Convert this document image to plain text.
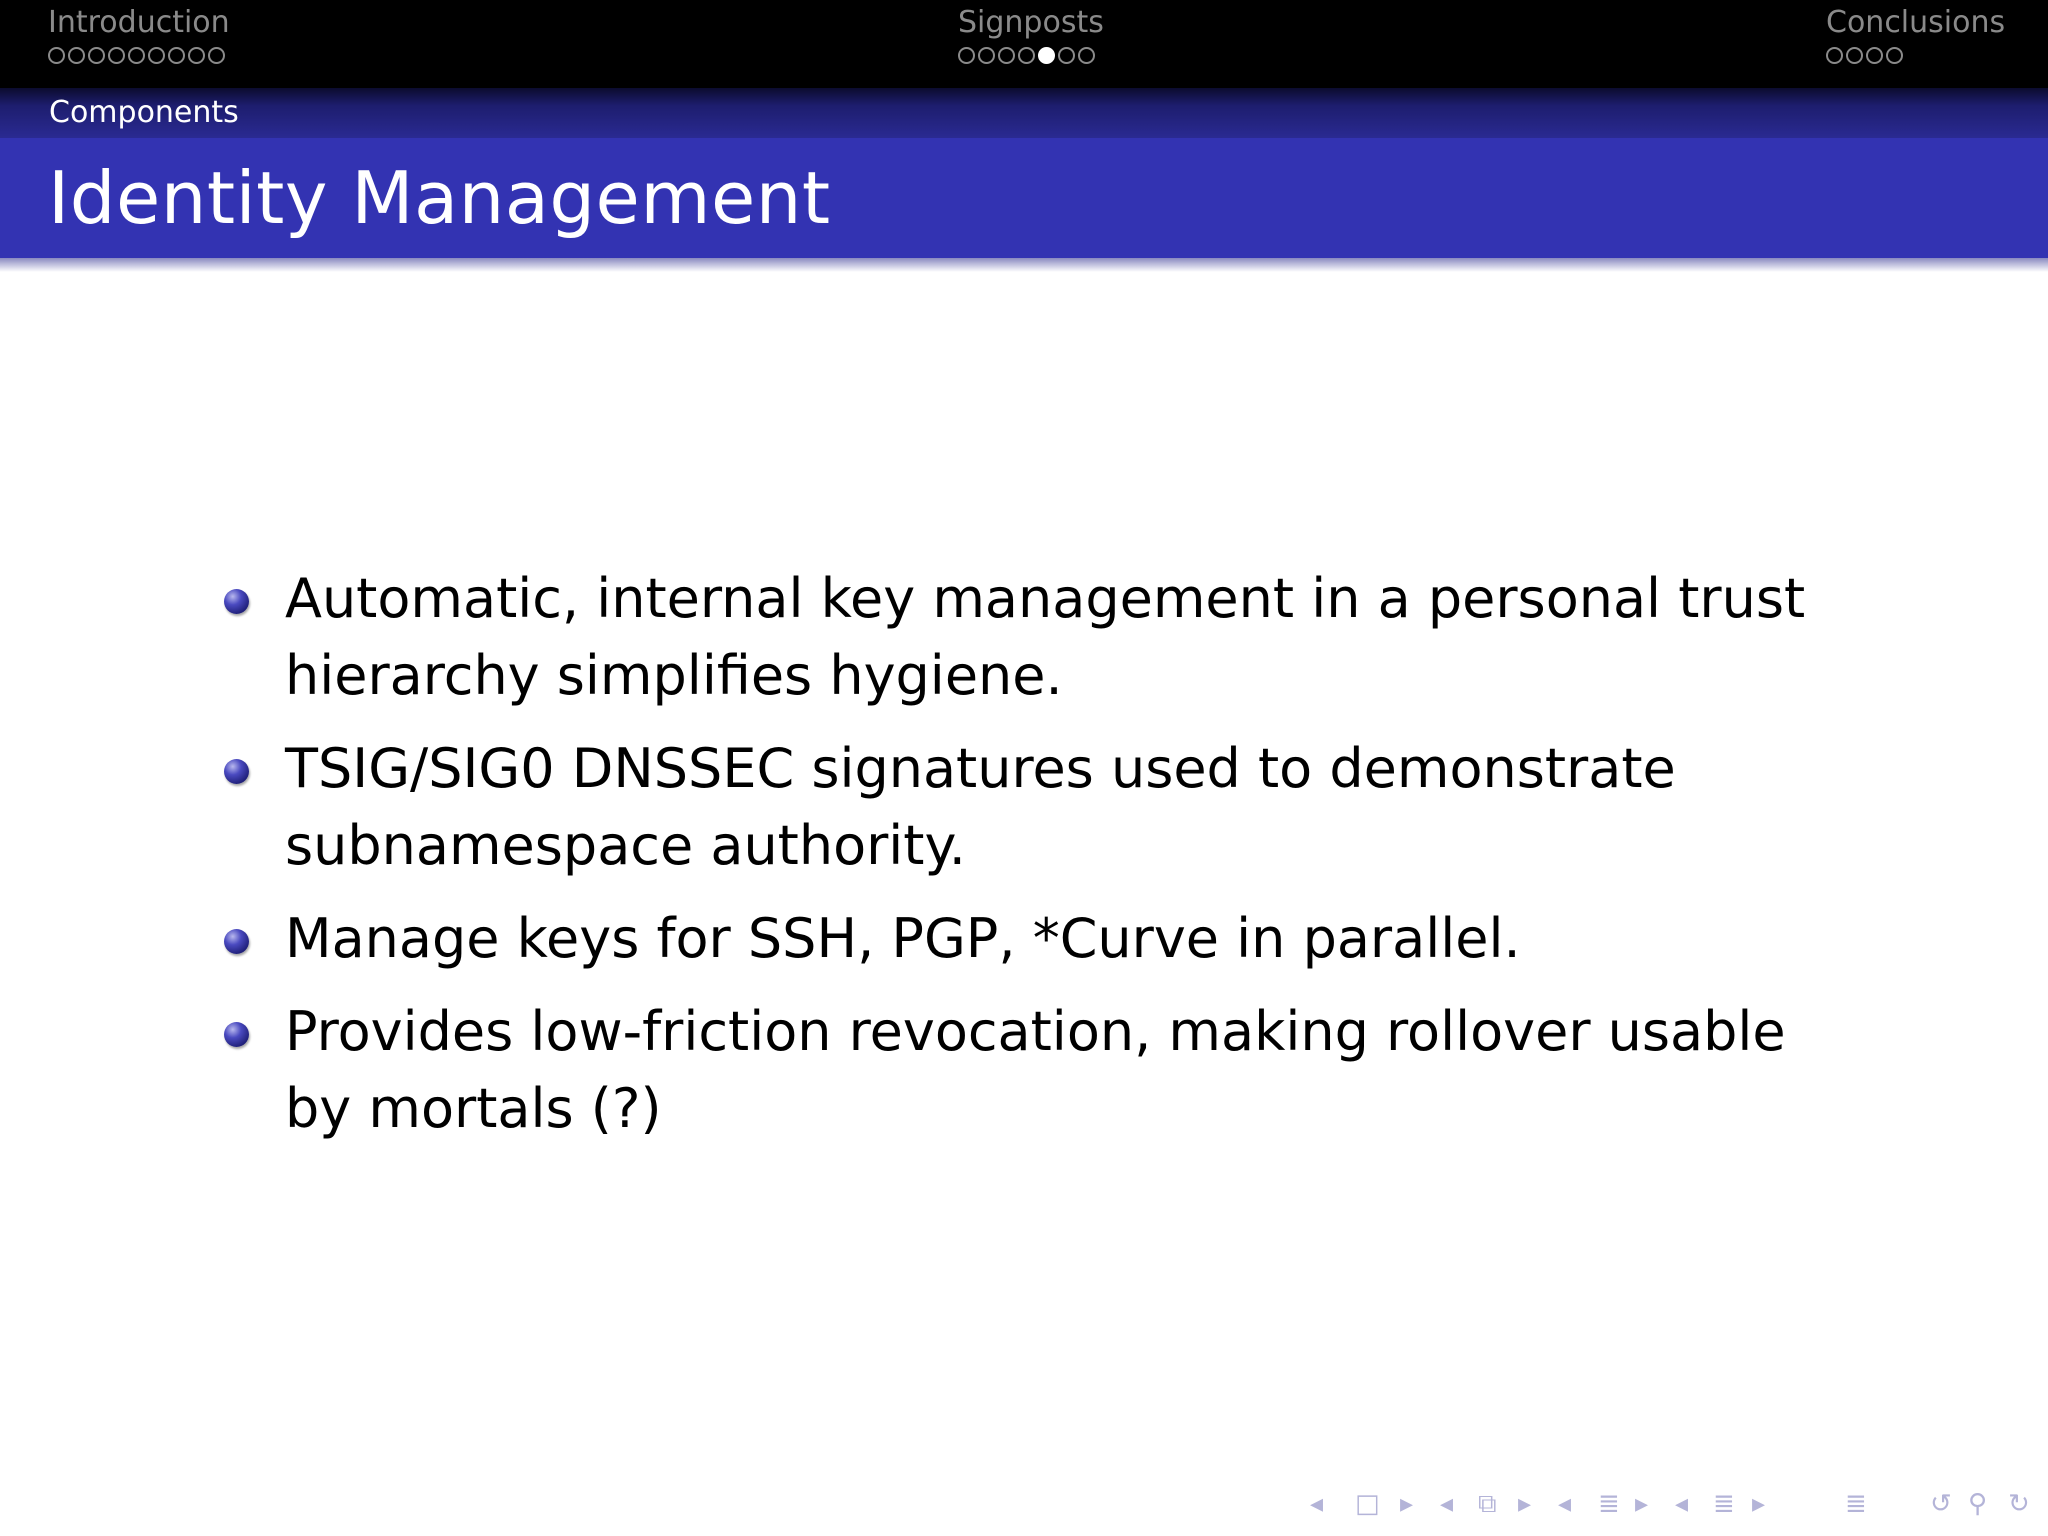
Introduction	Signposts	Conclusions
Components
Identity Management
Automatic, internal key management in a personal trust hierarchy simplifies hygiene.
TSIG/SIG0 DNSSEC signatures used to demonstrate subnamespace authority.
Manage keys for SSH, PGP, *Curve in parallel.
Provides low-friction revocation, making rollover usable by mortals (?)
◂ □ ▸ ◂ ⧉ ▸ ◂ ≣ ▸ ◂ ≣ ▸	≣ ↺ ⚲ ↻
